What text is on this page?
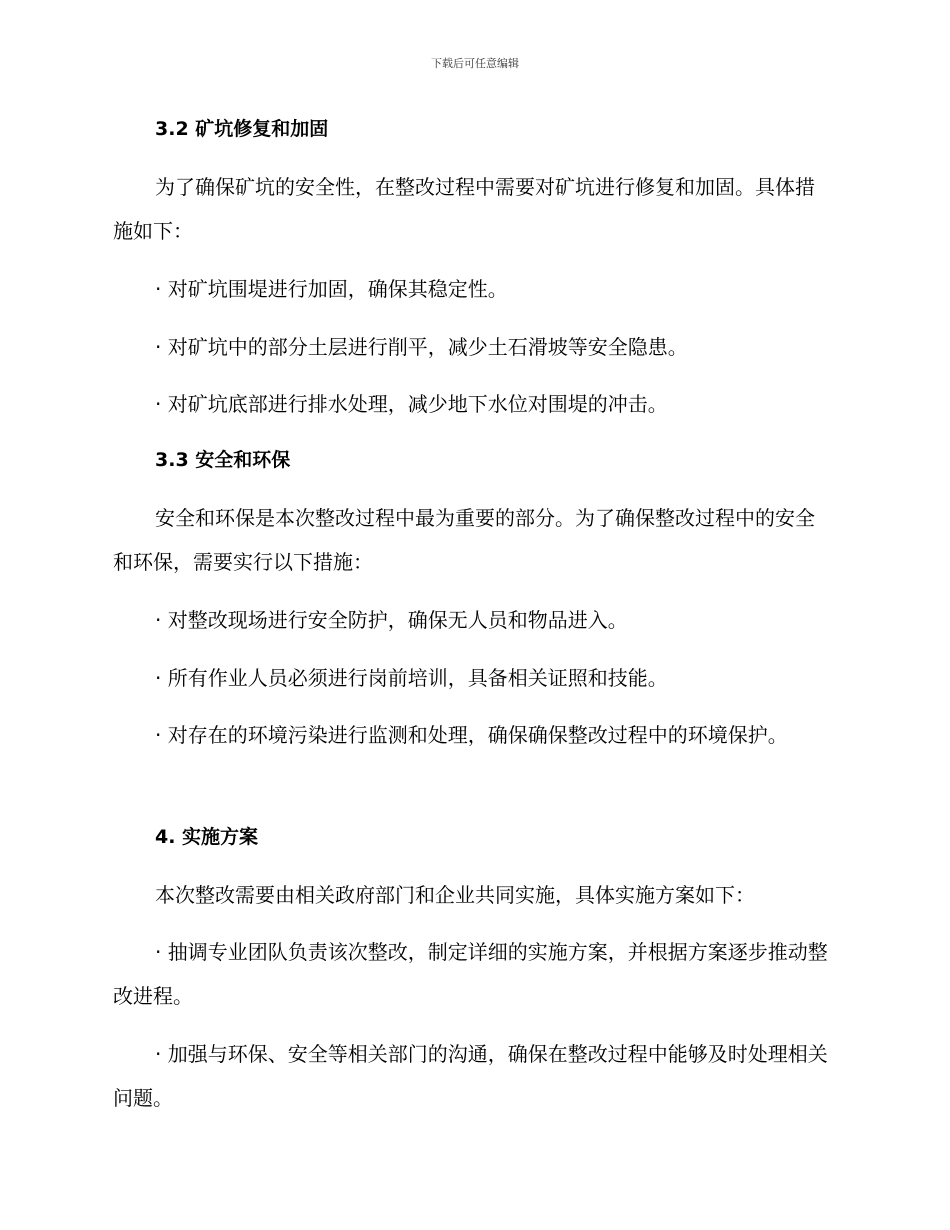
下载后可任意编辑
3.2 矿坑修复和加固

为了确保矿坑的安全性，在整改过程中需要对矿坑进行修复和加固。具体措施如下：

· 对矿坑围堤进行加固，确保其稳定性。

· 对矿坑中的部分土层进行削平，减少土石滑坡等安全隐患。

· 对矿坑底部进行排水处理，减少地下水位对围堤的冲击。

3.3 安全和环保

安全和环保是本次整改过程中最为重要的部分。为了确保整改过程中的安全和环保，需要实行以下措施：

· 对整改现场进行安全防护，确保无人员和物品进入。

· 所有作业人员必须进行岗前培训，具备相关证照和技能。

· 对存在的环境污染进行监测和处理，确保确保整改过程中的环境保护。

4. 实施方案

本次整改需要由相关政府部门和企业共同实施，具体实施方案如下：

· 抽调专业团队负责该次整改，制定详细的实施方案，并根据方案逐步推动整改进程。

· 加强与环保、安全等相关部门的沟通，确保在整改过程中能够及时处理相关问题。
